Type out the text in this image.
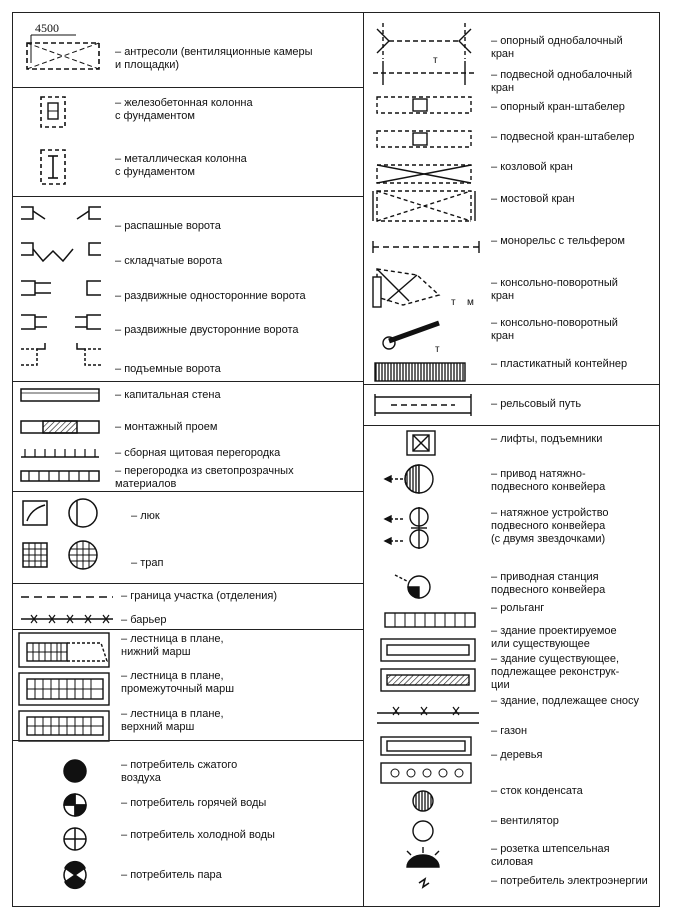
4500
– антресоли (вентиляционные камеры
и площадки)
– железобетонная колонна
с фундаментом
– металлическая колонна
с фундаментом
– распашные ворота
– складчатые ворота
– раздвижные односторонние ворота
– раздвижные двусторонние ворота
– подъемные ворота
– капитальная стена
– монтажный проем
– сборная щитовая перегородка
– перегородка из светопрозрачных
материалов
– люк
– трап
– граница участка (отделения)
– барьер
– лестница в плане,
нижний марш
– лестница в плане,
промежуточный марш
– лестница в плане,
верхний марш
– потребитель сжатого
воздуха
– потребитель горячей воды
– потребитель холодной воды
– потребитель пара
т
т м
т
– опорный однобалочный
кран
– подвесной однобалочный
кран
– опорный кран-штабелер
– подвесной кран-штабелер
– козловой кран
– мостовой кран
– монорельс с тельфером
– консольно-поворотный
кран
– консольно-поворотный
кран
– пластикатный контейнер
– рельсовый путь
– лифты, подъемники
– привод натяжно-
подвесного конвейера
– натяжное устройство
подвесного конвейера
(с двумя звездочками)
– приводная станция
подвесного конвейера
– рольганг
– здание проектируемое
или существующее
– здание существующее,
подлежащее реконструк-
ции
– здание, подлежащее сносу
– газон
– деревья
– сток конденсата
– вентилятор
– розетка штепсельная
силовая
– потребитель электроэнергии
